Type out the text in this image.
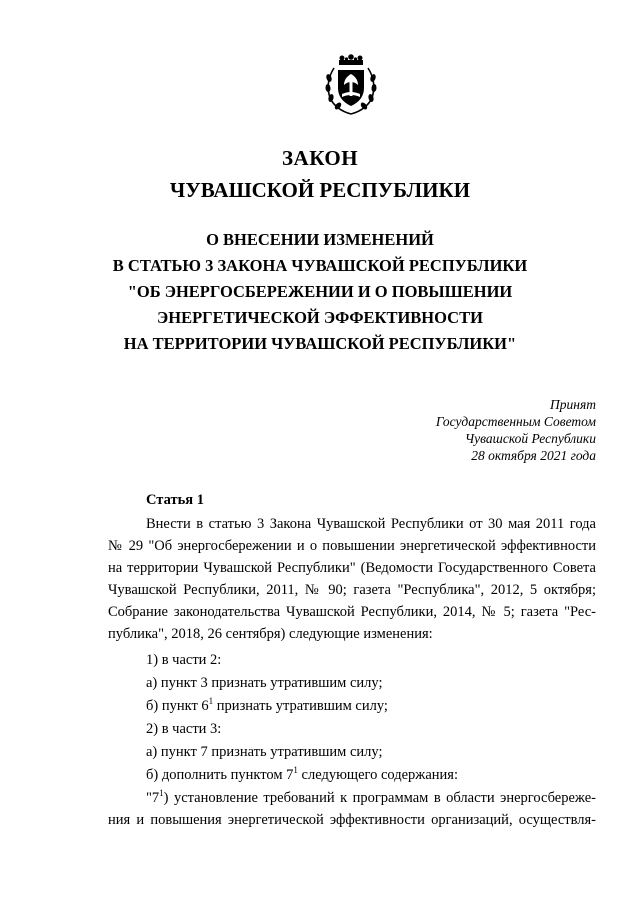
ЗАКОН
ЧУВАШСКОЙ РЕСПУБЛИКИ
О ВНЕСЕНИИ ИЗМЕНЕНИЙ
В СТАТЬЮ 3 ЗАКОНА ЧУВАШСКОЙ РЕСПУБЛИКИ
"ОБ ЭНЕРГОСБЕРЕЖЕНИИ И О ПОВЫШЕНИИ
ЭНЕРГЕТИЧЕСКОЙ ЭФФЕКТИВНОСТИ
НА ТЕРРИТОРИИ ЧУВАШСКОЙ РЕСПУБЛИКИ"
Принят
Государственным Советом
Чувашской Республики
28 октября 2021 года
Статья 1
Внести в статью 3 Закона Чувашской Республики от 30 мая 2011 года
№ 29 "Об энергосбережении и о повышении энергетической эффективности
на территории Чувашской Республики" (Ведомости Государственного Совета
Чувашской Республики, 2011, № 90; газета "Республика", 2012, 5 октября;
Собрание законодательства Чувашской Республики, 2014, № 5; газета "Рес-
публика", 2018, 26 сентября) следующие изменения:
1) в части 2:
а) пункт 3 признать утратившим силу;
б) пункт $6^1$ признать утратившим силу;
2) в части 3:
а) пункт 7 признать утратившим силу;
б) дополнить пунктом $7^1$ следующего содержания:
"$7^1$) установление требований к программам в области энергосбереже-
ния и повышения энергетической эффективности организаций, осуществля-
